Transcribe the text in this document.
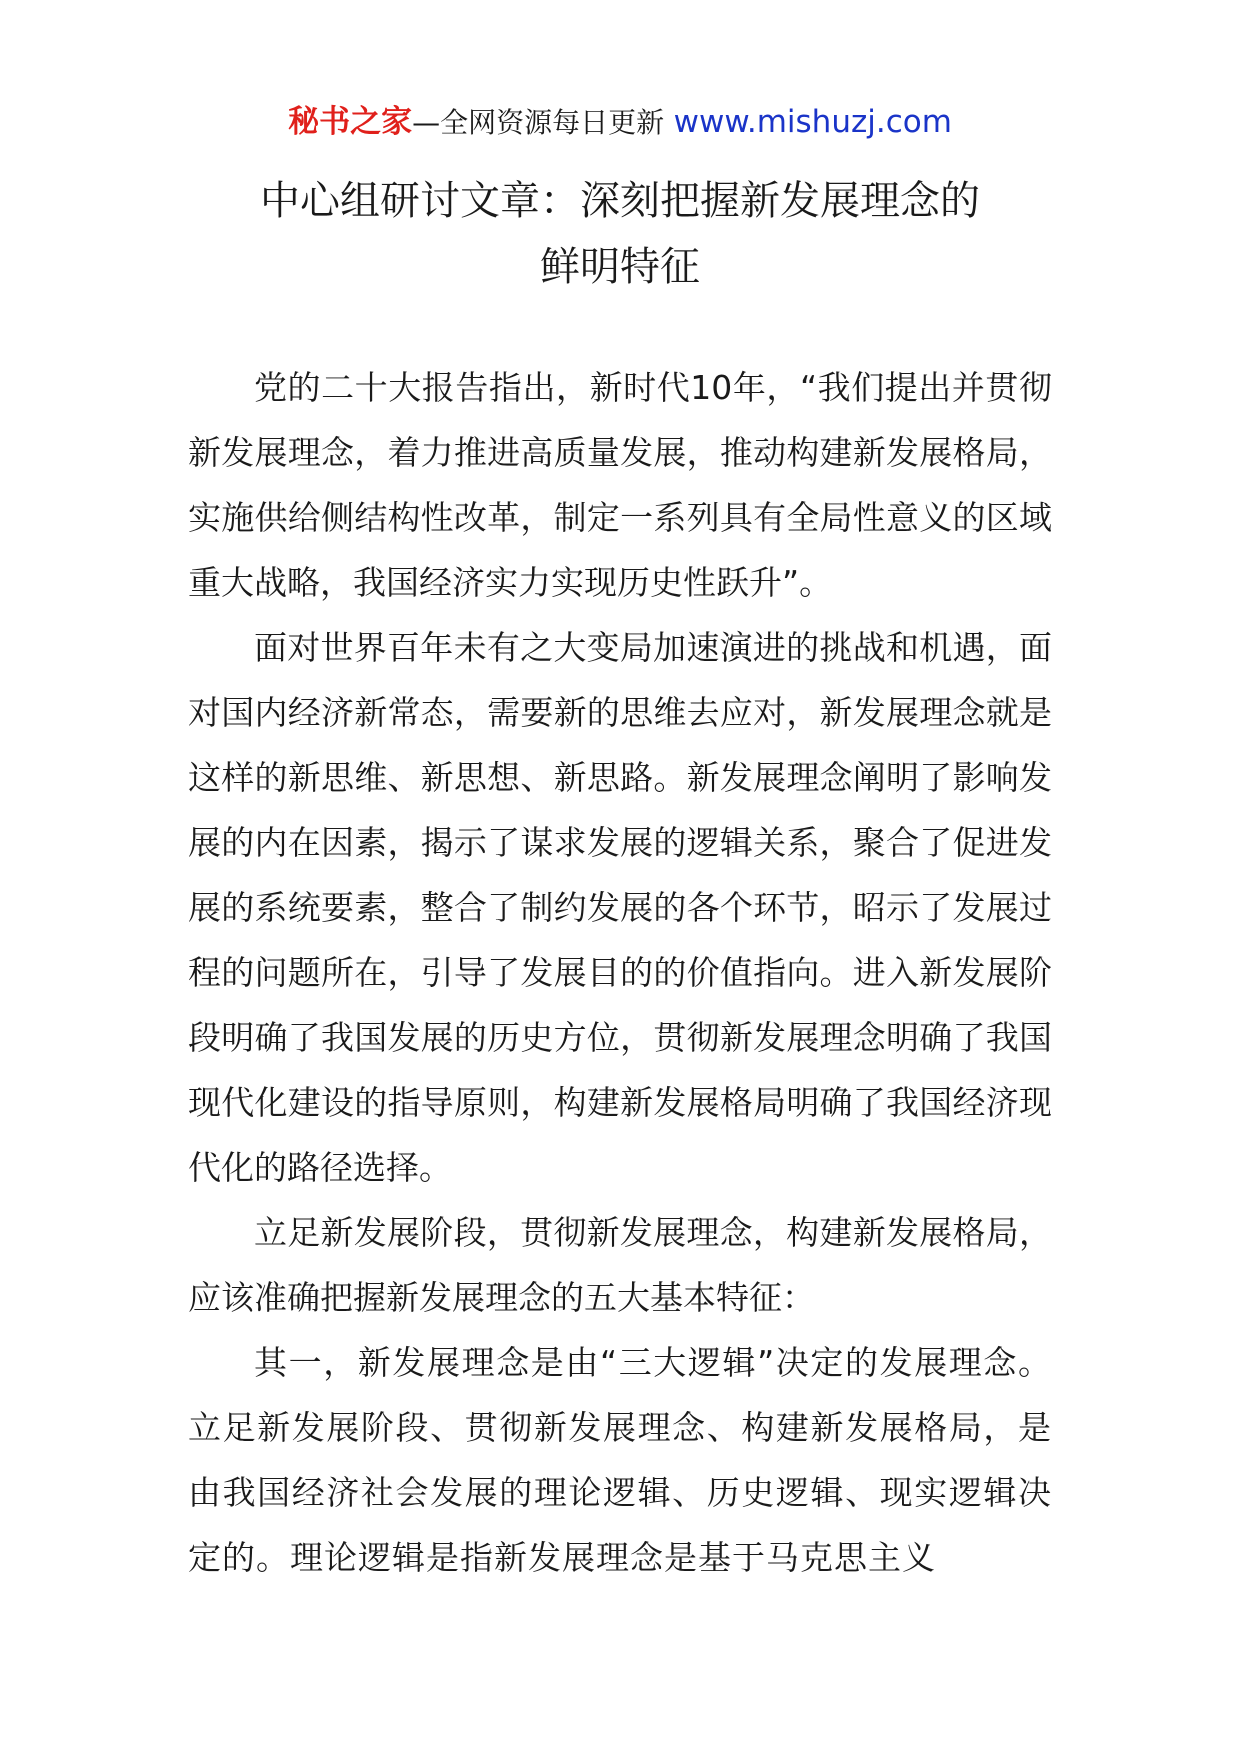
秘书之家—全网资源每日更新 www.mishuzj.com
中心组研讨文章：深刻把握新发展理念的
鲜明特征

党的二十大报告指出，新时代10年，“我们提出并贯彻新发展理念，着力推进高质量发展，推动构建新发展格局，实施供给侧结构性改革，制定一系列具有全局性意义的区域重大战略，我国经济实力实现历史性跃升”。

面对世界百年未有之大变局加速演进的挑战和机遇，面对国内经济新常态，需要新的思维去应对，新发展理念就是这样的新思维、新思想、新思路。新发展理念阐明了影响发展的内在因素，揭示了谋求发展的逻辑关系，聚合了促进发展的系统要素，整合了制约发展的各个环节，昭示了发展过程的问题所在，引导了发展目的的价值指向。进入新发展阶段明确了我国发展的历史方位，贯彻新发展理念明确了我国现代化建设的指导原则，构建新发展格局明确了我国经济现代化的路径选择。

立足新发展阶段，贯彻新发展理念，构建新发展格局，应该准确把握新发展理念的五大基本特征：

其一，新发展理念是由“三大逻辑”决定的发展理念。立足新发展阶段、贯彻新发展理念、构建新发展格局，是由我国经济社会发展的理论逻辑、历史逻辑、现实逻辑决定的。理论逻辑是指新发展理念是基于马克思主义
